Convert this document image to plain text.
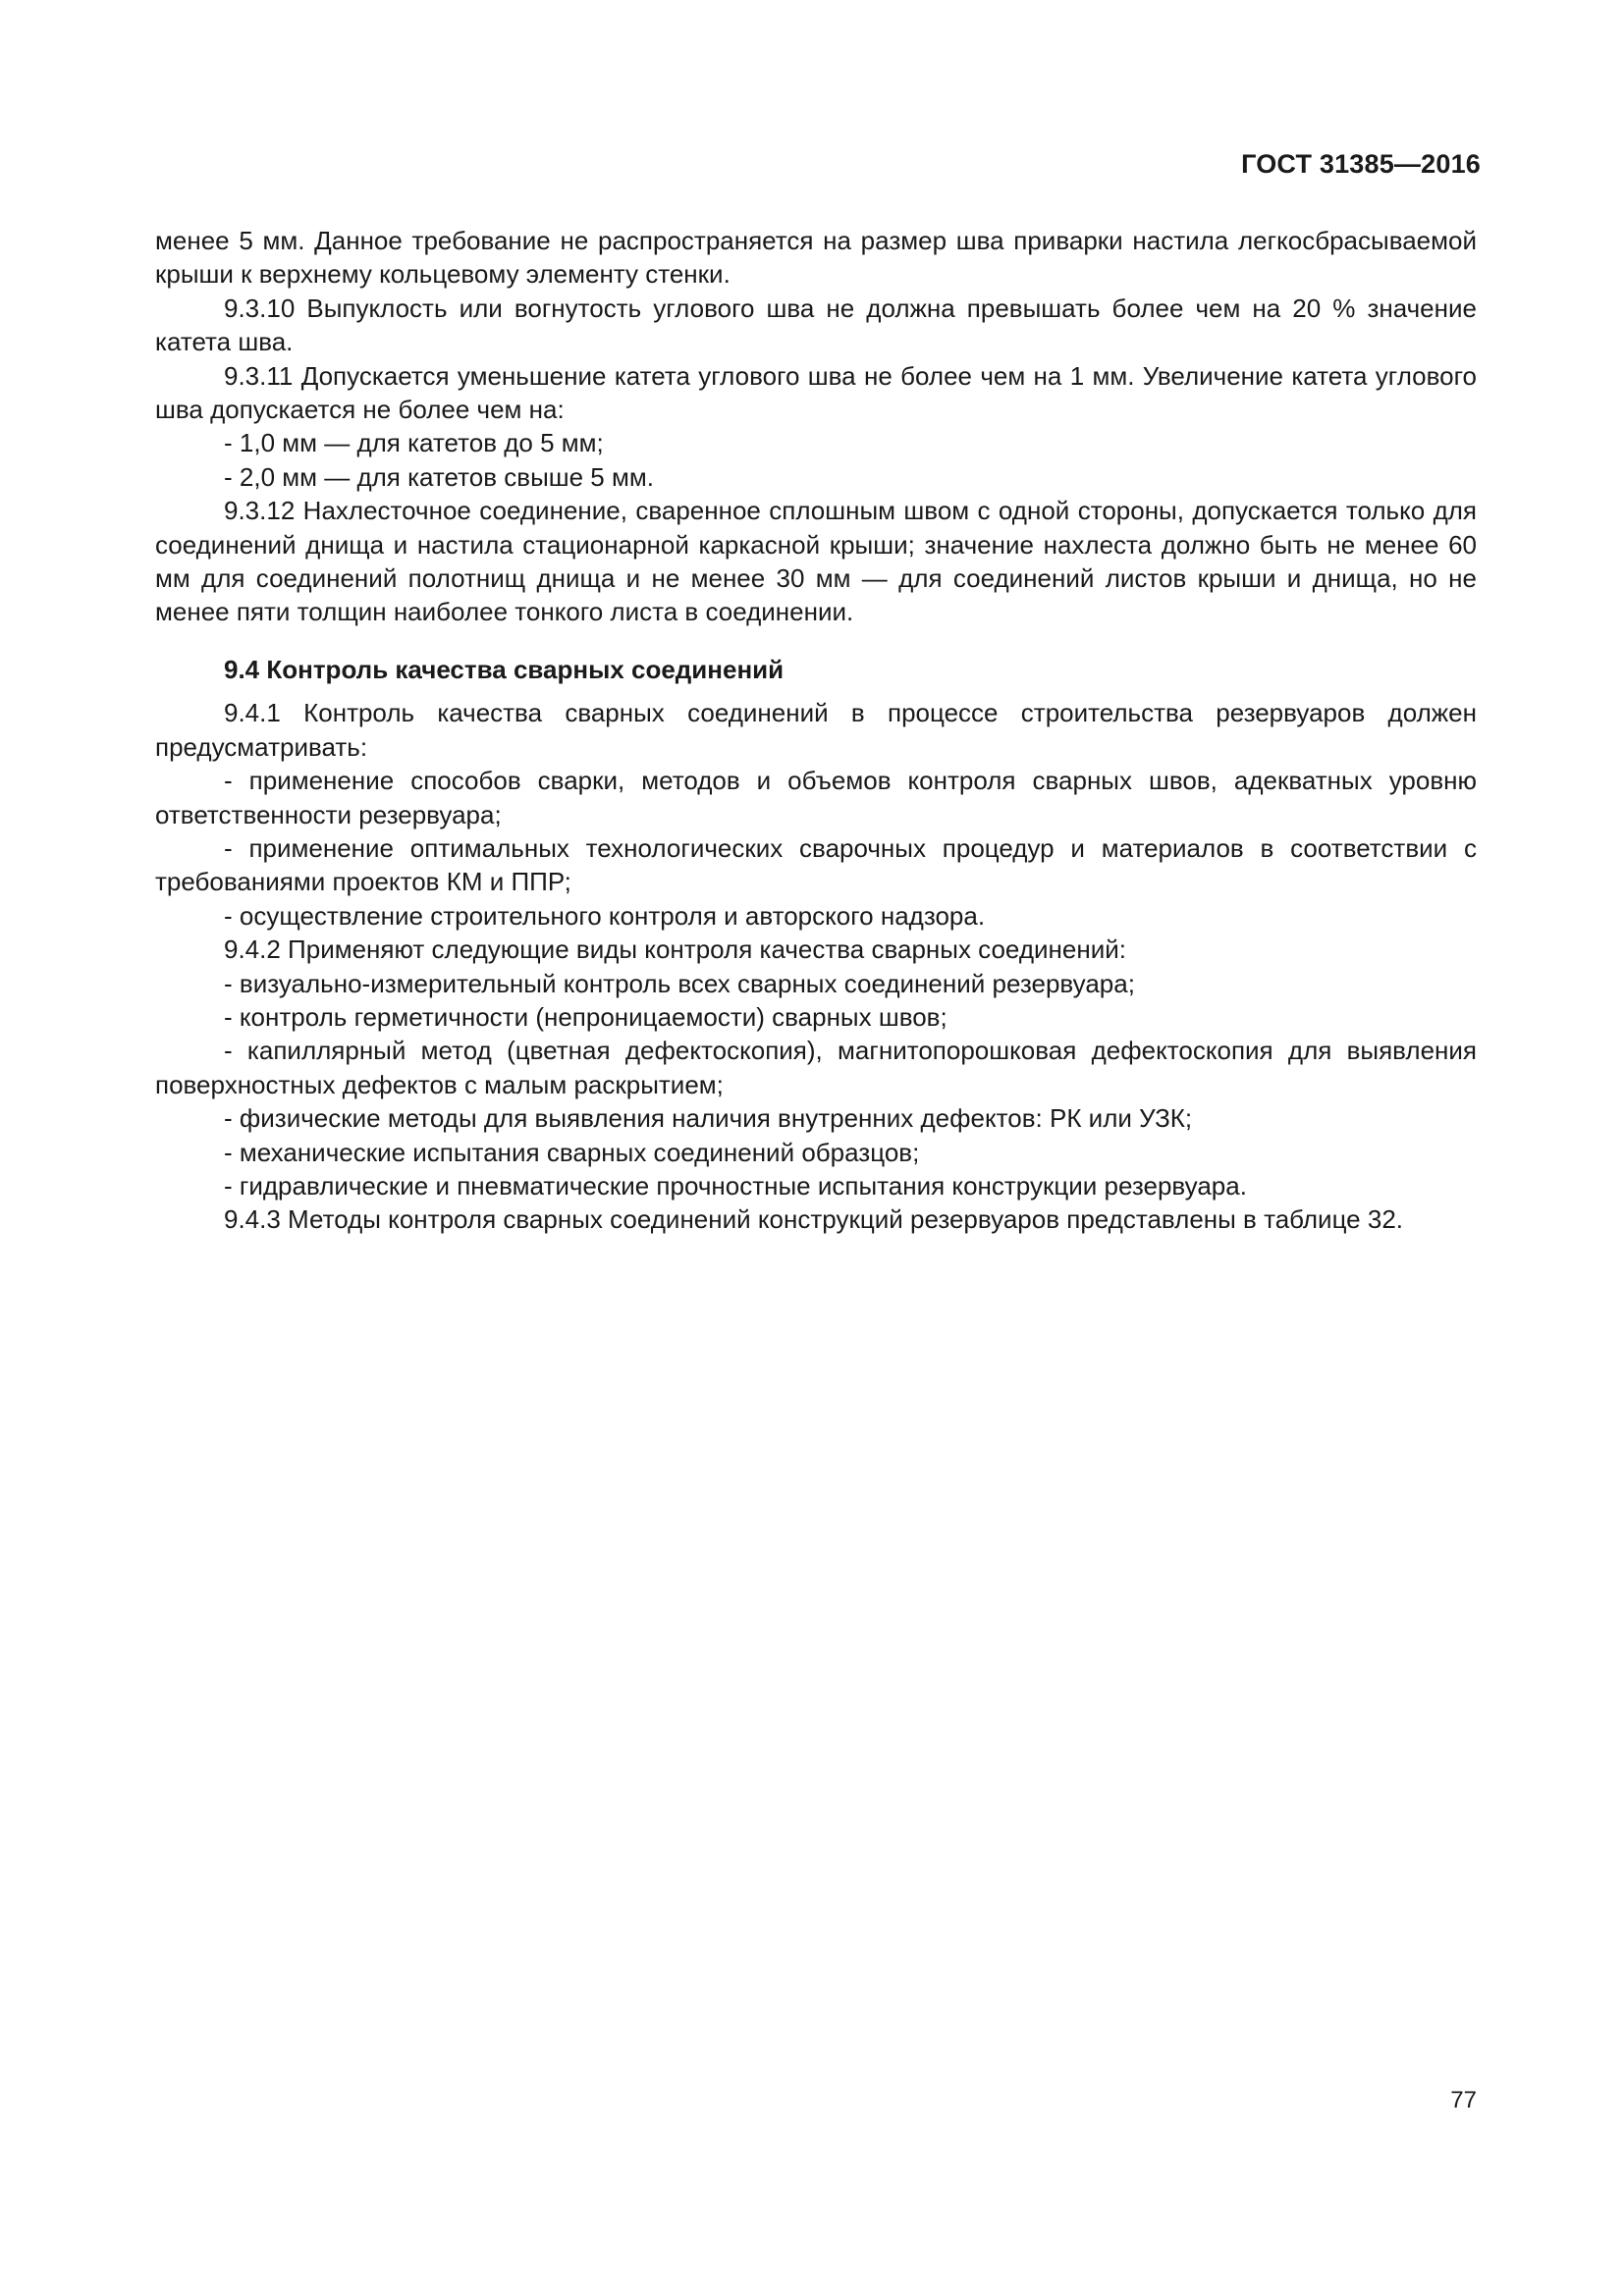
ГОСТ 31385—2016

менее 5 мм. Данное требование не распространяется на размер шва приварки настила легкосбрасываемой крыши к верхнему кольцевому элементу стенки.

9.3.10 Выпуклость или вогнутость углового шва не должна превышать более чем на 20 % значение катета шва.

9.3.11 Допускается уменьшение катета углового шва не более чем на 1 мм. Увеличение катета углового шва допускается не более чем на:

- 1,0 мм — для катетов до 5 мм;

- 2,0 мм — для катетов свыше 5 мм.

9.3.12 Нахлесточное соединение, сваренное сплошным швом с одной стороны, допускается только для соединений днища и настила стационарной каркасной крыши; значение нахлеста должно быть не менее 60 мм для соединений полотнищ днища и не менее 30 мм — для соединений листов крыши и днища, но не менее пяти толщин наиболее тонкого листа в соединении.

9.4 Контроль качества сварных соединений

9.4.1 Контроль качества сварных соединений в процессе строительства резервуаров должен предусматривать:

- применение способов сварки, методов и объемов контроля сварных швов, адекватных уровню ответственности резервуара;

- применение оптимальных технологических сварочных процедур и материалов в соответствии с требованиями проектов КМ и ППР;

- осуществление строительного контроля и авторского надзора.

9.4.2 Применяют следующие виды контроля качества сварных соединений:

- визуально-измерительный контроль всех сварных соединений резервуара;

- контроль герметичности (непроницаемости) сварных швов;

- капиллярный метод (цветная дефектоскопия), магнитопорошковая дефектоскопия для выявления поверхностных дефектов с малым раскрытием;

- физические методы для выявления наличия внутренних дефектов: РК или УЗК;

- механические испытания сварных соединений образцов;

- гидравлические и пневматические прочностные испытания конструкции резервуара.

9.4.3 Методы контроля сварных соединений конструкций резервуаров представлены в таблице 32.

77
